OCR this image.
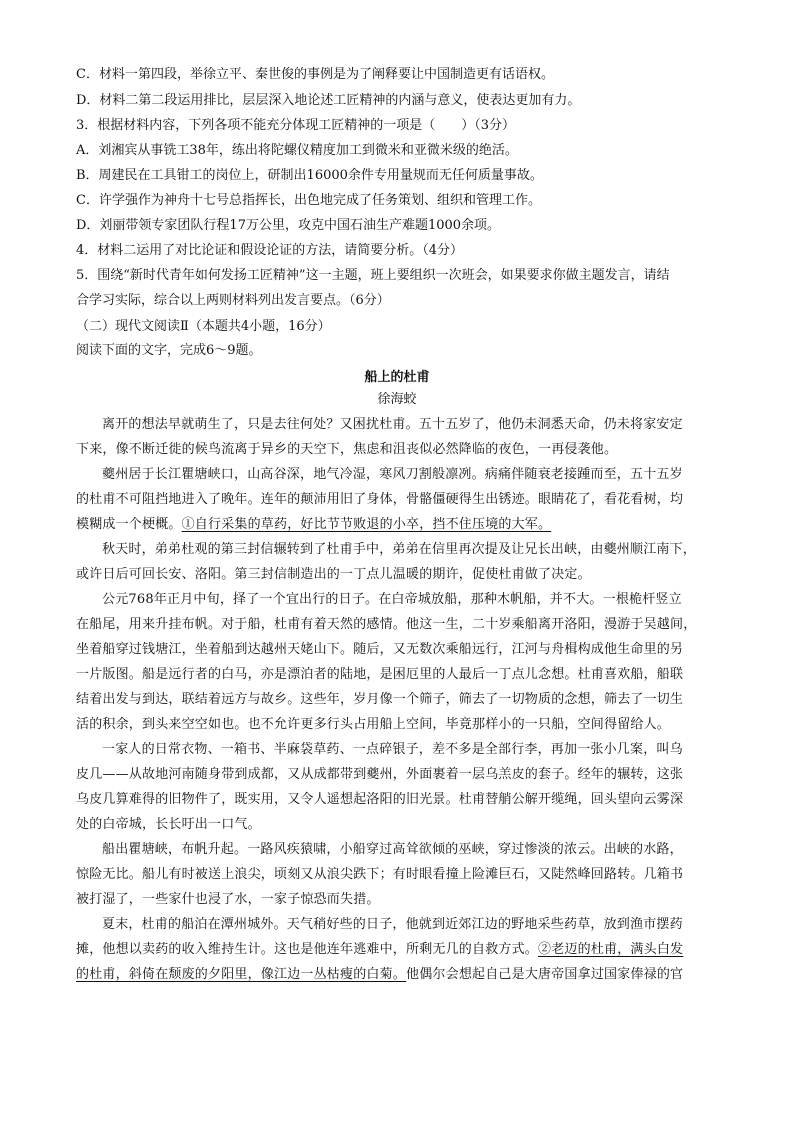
C．材料一第四段，举徐立平、秦世俊的事例是为了阐释要让中国制造更有话语权。
D．材料二第二段运用排比，层层深入地论述工匠精神的内涵与意义，使表达更加有力。
3．根据材料内容，下列各项不能充分体现工匠精神的一项是（　　）（3分）
A．刘湘宾从事铣工38年，练出将陀螺仪精度加工到微米和亚微米级的绝活。
B．周建民在工具钳工的岗位上，研制出16000余件专用量规而无任何质量事故。
C．许学强作为神舟十七号总指挥长，出色地完成了任务策划、组织和管理工作。
D．刘丽带领专家团队行程17万公里，攻克中国石油生产难题1000余项。
4．材料二运用了对比论证和假设论证的方法，请简要分析。（4分）
5．围绕“新时代青年如何发扬工匠精神”这一主题，班上要组织一次班会，如果要求你做主题发言，请结
合学习实际，综合以上两则材料列出发言要点。（6分）
（二）现代文阅读Ⅱ（本题共4小题，16分）
阅读下面的文字，完成6～9题。
船上的杜甫
徐海蛟
离开的想法早就萌生了，只是去往何处？又困扰杜甫。五十五岁了，他仍未洞悉天命，仍未将家安定
下来，像不断迁徙的候鸟流离于异乡的天空下，焦虑和沮丧似必然降临的夜色，一再侵袭他。
夔州居于长江瞿塘峡口，山高谷深，地气冷湿，寒风刀割般凛冽。病痛伴随衰老接踵而至，五十五岁
的杜甫不可阻挡地进入了晚年。连年的颠沛用旧了身体，骨骼僵硬得生出锈迹。眼睛花了，看花看树，均
模糊成一个梗概。①自行采集的草药，好比节节败退的小卒，挡不住压境的大军。
秋天时，弟弟杜观的第三封信辗转到了杜甫手中，弟弟在信里再次提及让兄长出峡，由夔州顺江南下，
或许日后可回长安、洛阳。第三封信制造出的一丁点儿温暖的期许，促使杜甫做了决定。
公元768年正月中旬，择了一个宜出行的日子。在白帝城放船，那种木帆船，并不大。一根桅杆竖立
在船尾，用来升挂布帆。对于船，杜甫有着天然的感情。他这一生，二十岁乘船离开洛阳，漫游于吴越间，
坐着船穿过钱塘江，坐着船到达越州天姥山下。随后，又无数次乘船远行，江河与舟楫构成他生命里的另
一片版图。船是远行者的白马，亦是漂泊者的陆地，是困厄里的人最后一丁点儿念想。杜甫喜欢船，船联
结着出发与到达，联结着远方与故乡。这些年，岁月像一个筛子，筛去了一切物质的念想，筛去了一切生
活的积余，到头来空空如也。也不允许更多行头占用船上空间，毕竟那样小的一只船，空间得留给人。
一家人的日常衣物、一箱书、半麻袋草药、一点碎银子，差不多是全部行李，再加一张小几案，叫乌
皮几——从故地河南随身带到成都，又从成都带到夔州，外面裹着一层乌羔皮的套子。经年的辗转，这张
乌皮几算难得的旧物件了，既实用，又令人遥想起洛阳的旧光景。杜甫替艄公解开缆绳，回头望向云雾深
处的白帝城，长长吁出一口气。
船出瞿塘峡，布帆升起。一路风疾猿啸，小船穿过高耸欲倾的巫峡，穿过惨淡的浓云。出峡的水路，
惊险无比。船儿有时被送上浪尖，顷刻又从浪尖跌下；有时眼看撞上险滩巨石，又陡然峰回路转。几箱书
被打湿了，一些家什也浸了水，一家子惊恐而失措。
夏末，杜甫的船泊在潭州城外。天气稍好些的日子，他就到近郊江边的野地采些药草，放到渔市摆药
摊，他想以卖药的收入维持生计。这也是他连年逃难中，所剩无几的自救方式。②老迈的杜甫，满头白发
的杜甫，斜倚在颓废的夕阳里，像江边一丛枯瘦的白菊。他偶尔会想起自己是大唐帝国拿过国家俸禄的官
